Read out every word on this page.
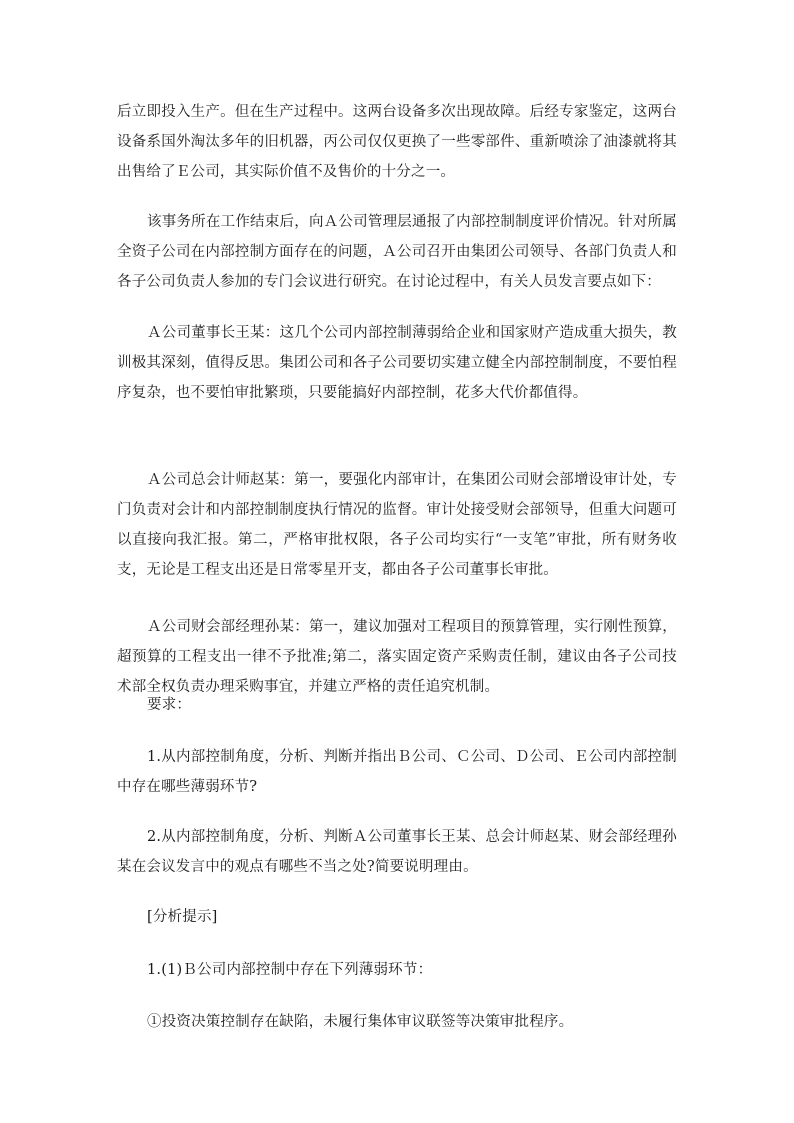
后立即投入生产。但在生产过程中。这两台设备多次出现故障。后经专家鉴定，这两台设备系国外淘汰多年的旧机器，丙公司仅仅更换了一些零部件、重新喷涂了油漆就将其出售给了Ｅ公司，其实际价值不及售价的十分之一。

该事务所在工作结束后，向Ａ公司管理层通报了内部控制制度评价情况。针对所属全资子公司在内部控制方面存在的问题，Ａ公司召开由集团公司领导、各部门负责人和各子公司负责人参加的专门会议进行研究。在讨论过程中，有关人员发言要点如下：

Ａ公司董事长王某：这几个公司内部控制薄弱给企业和国家财产造成重大损失，教训极其深刻，值得反思。集团公司和各子公司要切实建立健全内部控制制度，不要怕程序复杂，也不要怕审批繁琐，只要能搞好内部控制，花多大代价都值得。

Ａ公司总会计师赵某：第一，要强化内部审计，在集团公司财会部增设审计处，专门负责对会计和内部控制制度执行情况的监督。审计处接受财会部领导，但重大问题可以直接向我汇报。第二，严格审批权限，各子公司均实行“一支笔”审批，所有财务收支，无论是工程支出还是日常零星开支，都由各子公司董事长审批。

Ａ公司财会部经理孙某：第一，建议加强对工程项目的预算管理，实行刚性预算，超预算的工程支出一律不予批准;第二，落实固定资产采购责任制，建议由各子公司技术部全权负责办理采购事宜，并建立严格的责任追究机制。

要求：

1.从内部控制角度，分析、判断并指出Ｂ公司、Ｃ公司、Ｄ公司、Ｅ公司内部控制中存在哪些薄弱环节?

2.从内部控制角度，分析、判断Ａ公司董事长王某、总会计师赵某、财会部经理孙某在会议发言中的观点有哪些不当之处?简要说明理由。

[分析提示]

1.(1)Ｂ公司内部控制中存在下列薄弱环节：

①投资决策控制存在缺陷，未履行集体审议联签等决策审批程序。
